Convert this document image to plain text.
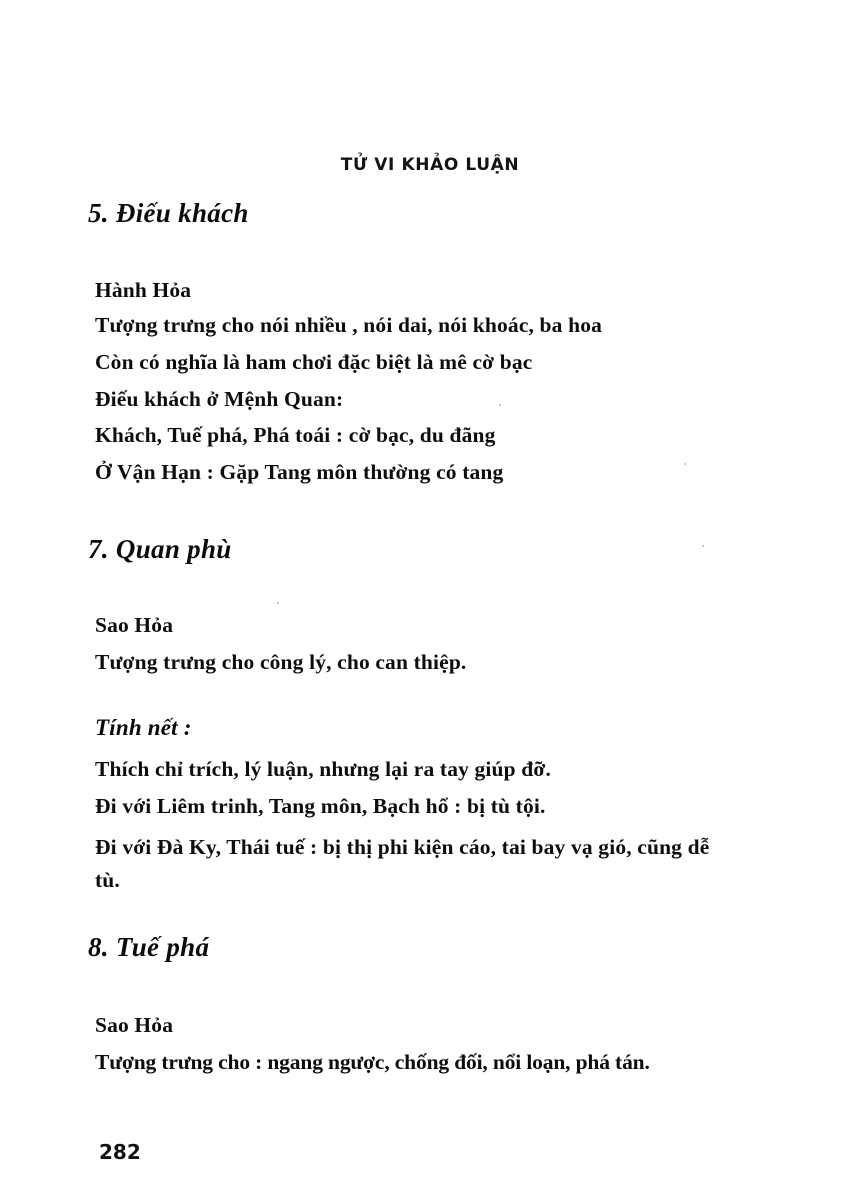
TỬ VI KHẢO LUẬN
5. Điếu khách
Hành Hỏa
Tượng trưng cho nói nhiều , nói dai, nói khoác, ba hoa
Còn có nghĩa là ham chơi đặc biệt là mê cờ bạc
Điếu khách ở Mệnh Quan:
Khách, Tuế phá, Phá toái : cờ bạc, du đãng
Ở Vận Hạn : Gặp Tang môn thường có tang
7. Quan phù
Sao Hỏa
Tượng trưng cho công lý, cho can thiệp.
Tính nết :
Thích chỉ trích, lý luận, nhưng lại ra tay giúp đỡ.
Đi với Liêm trinh, Tang môn, Bạch hổ : bị tù tội.
Đi với Đà Ky, Thái tuế : bị thị phi kiện cáo, tai bay vạ gió, cũng dễ tù.
8. Tuế phá
Sao Hỏa
Tượng trưng cho : ngang ngược, chống đối, nổi loạn, phá tán.
282
